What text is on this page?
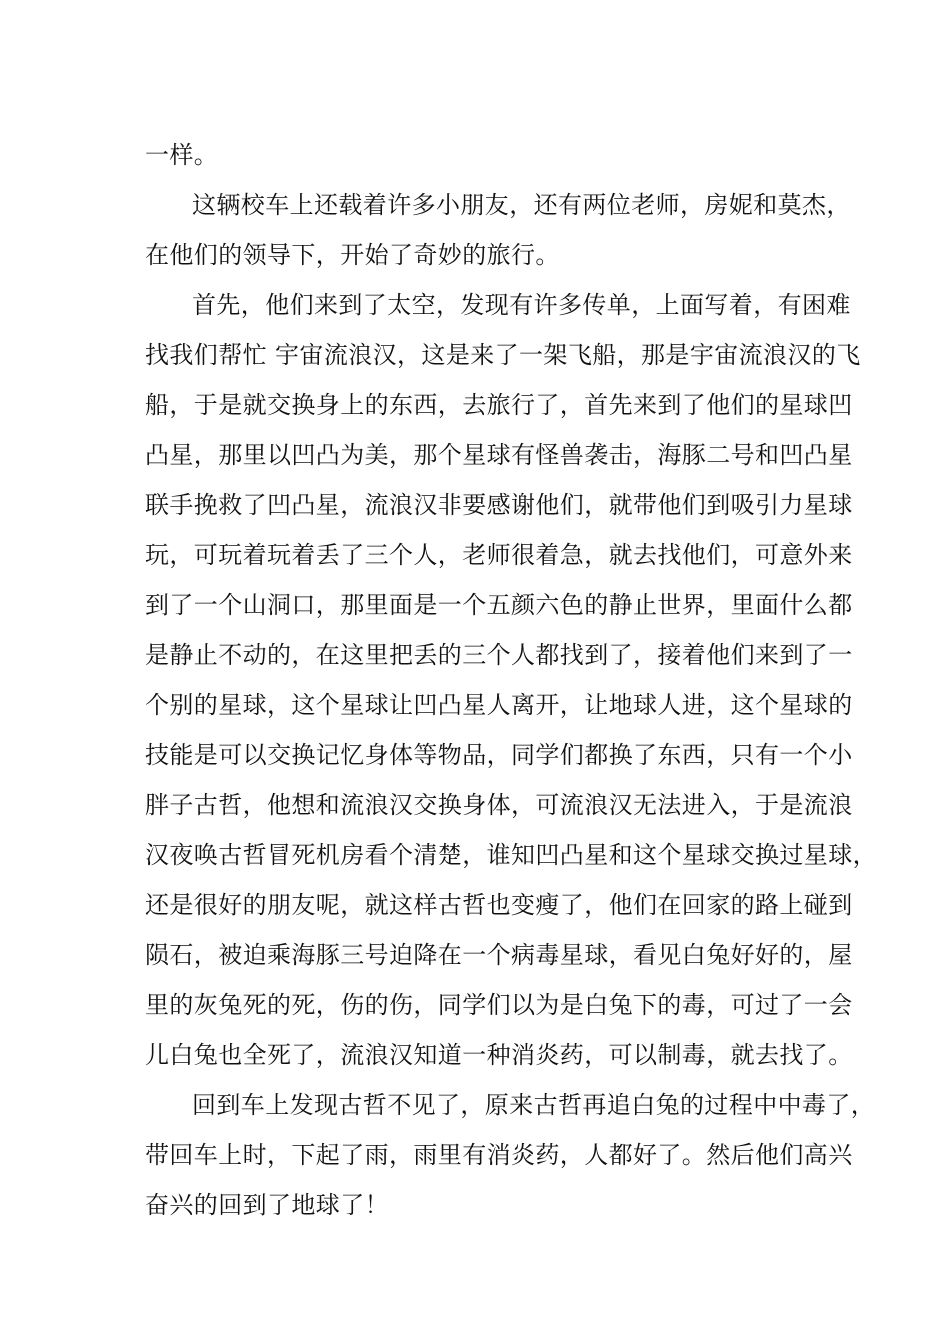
一样。
这辆校车上还载着许多小朋友，还有两位老师，房妮和莫杰，
在他们的领导下，开始了奇妙的旅行。
首先，他们来到了太空，发现有许多传单，上面写着，有困难
找我们帮忙 宇宙流浪汉，这是来了一架飞船，那是宇宙流浪汉的飞
船，于是就交换身上的东西，去旅行了，首先来到了他们的星球凹
凸星，那里以凹凸为美，那个星球有怪兽袭击，海豚二号和凹凸星
联手挽救了凹凸星，流浪汉非要感谢他们，就带他们到吸引力星球
玩，可玩着玩着丢了三个人，老师很着急，就去找他们，可意外来
到了一个山洞口，那里面是一个五颜六色的静止世界，里面什么都
是静止不动的，在这里把丢的三个人都找到了，接着他们来到了一
个别的星球，这个星球让凹凸星人离开，让地球人进，这个星球的
技能是可以交换记忆身体等物品，同学们都换了东西，只有一个小
胖子古哲，他想和流浪汉交换身体，可流浪汉无法进入，于是流浪
汉夜唤古哲冒死机房看个清楚，谁知凹凸星和这个星球交换过星球，
还是很好的朋友呢，就这样古哲也变瘦了，他们在回家的路上碰到
陨石，被迫乘海豚三号迫降在一个病毒星球，看见白兔好好的，屋
里的灰兔死的死，伤的伤，同学们以为是白兔下的毒，可过了一会
儿白兔也全死了，流浪汉知道一种消炎药，可以制毒，就去找了。
回到车上发现古哲不见了，原来古哲再追白兔的过程中中毒了，
带回车上时，下起了雨，雨里有消炎药，人都好了。然后他们高兴
奋兴的回到了地球了！
